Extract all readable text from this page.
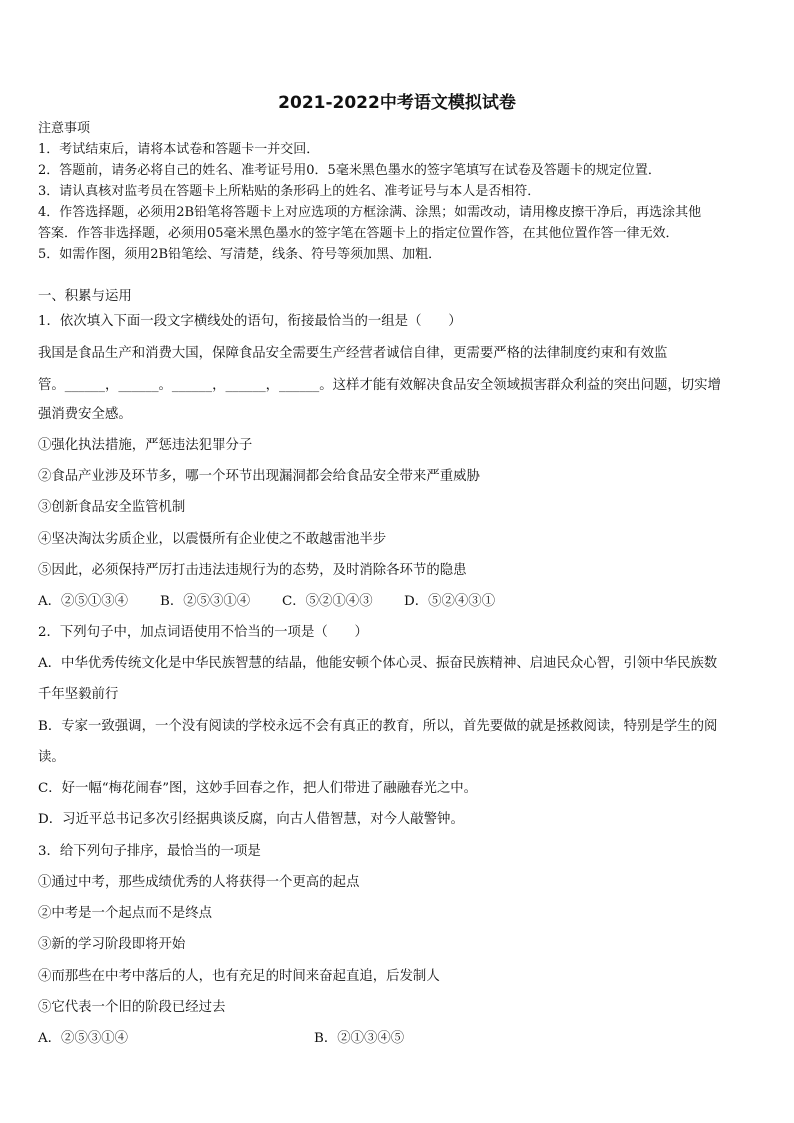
2021-2022中考语文模拟试卷
注意事项
1．考试结束后，请将本试卷和答题卡一并交回．
2．答题前，请务必将自己的姓名、准考证号用0．5毫米黑色墨水的签字笔填写在试卷及答题卡的规定位置．
3．请认真核对监考员在答题卡上所粘贴的条形码上的姓名、准考证号与本人是否相符．
4．作答选择题，必须用2B铅笔将答题卡上对应选项的方框涂满、涂黑；如需改动，请用橡皮擦干净后，再选涂其他
答案．作答非选择题，必须用05毫米黑色墨水的签字笔在答题卡上的指定位置作答，在其他位置作答一律无效．
5．如需作图，须用2B铅笔绘、写清楚，线条、符号等须加黑、加粗．
一、积累与运用
1．依次填入下面一段文字横线处的语句，衔接最恰当的一组是（　　）
我国是食品生产和消费大国，保障食品安全需要生产经营者诚信自律，更需要严格的法律制度约束和有效监
管。______，______。______，______，______。这样才能有效解决食品安全领域损害群众利益的突出问题，切实增
强消费安全感。
①强化执法措施，严惩违法犯罪分子
②食品产业涉及环节多，哪一个环节出现漏洞都会给食品安全带来严重威胁
③创新食品安全监管机制
④坚决淘汰劣质企业，以震慑所有企业使之不敢越雷池半步
⑤因此，必须保持严厉打击违法违规行为的态势，及时消除各环节的隐患
A．②⑤①③④ B．②⑤③①④ C．⑤②①④③ D．⑤②④③①
2．下列句子中，加点词语使用不恰当的一项是（　　）
A．中华优秀传统文化是中华民族智慧的结晶，他能安顿个体心灵、振奋民族精神、启迪民众心智，引领中华民族数
千年坚毅前行
B．专家一致强调，一个没有阅读的学校永远不会有真正的教育，所以，首先要做的就是拯救阅读，特别是学生的阅
读。
C．好一幅“梅花闹春”图，这妙手回春之作，把人们带进了融融春光之中。
D．习近平总书记多次引经据典谈反腐，向古人借智慧，对今人敲警钟。
3．给下列句子排序，最恰当的一项是
①通过中考，那些成绩优秀的人将获得一个更高的起点
②中考是一个起点而不是终点
③新的学习阶段即将开始
④而那些在中考中落后的人，也有充足的时间来奋起直追，后发制人
⑤它代表一个旧的阶段已经过去
A．②⑤③①④	B．②①③④⑤
